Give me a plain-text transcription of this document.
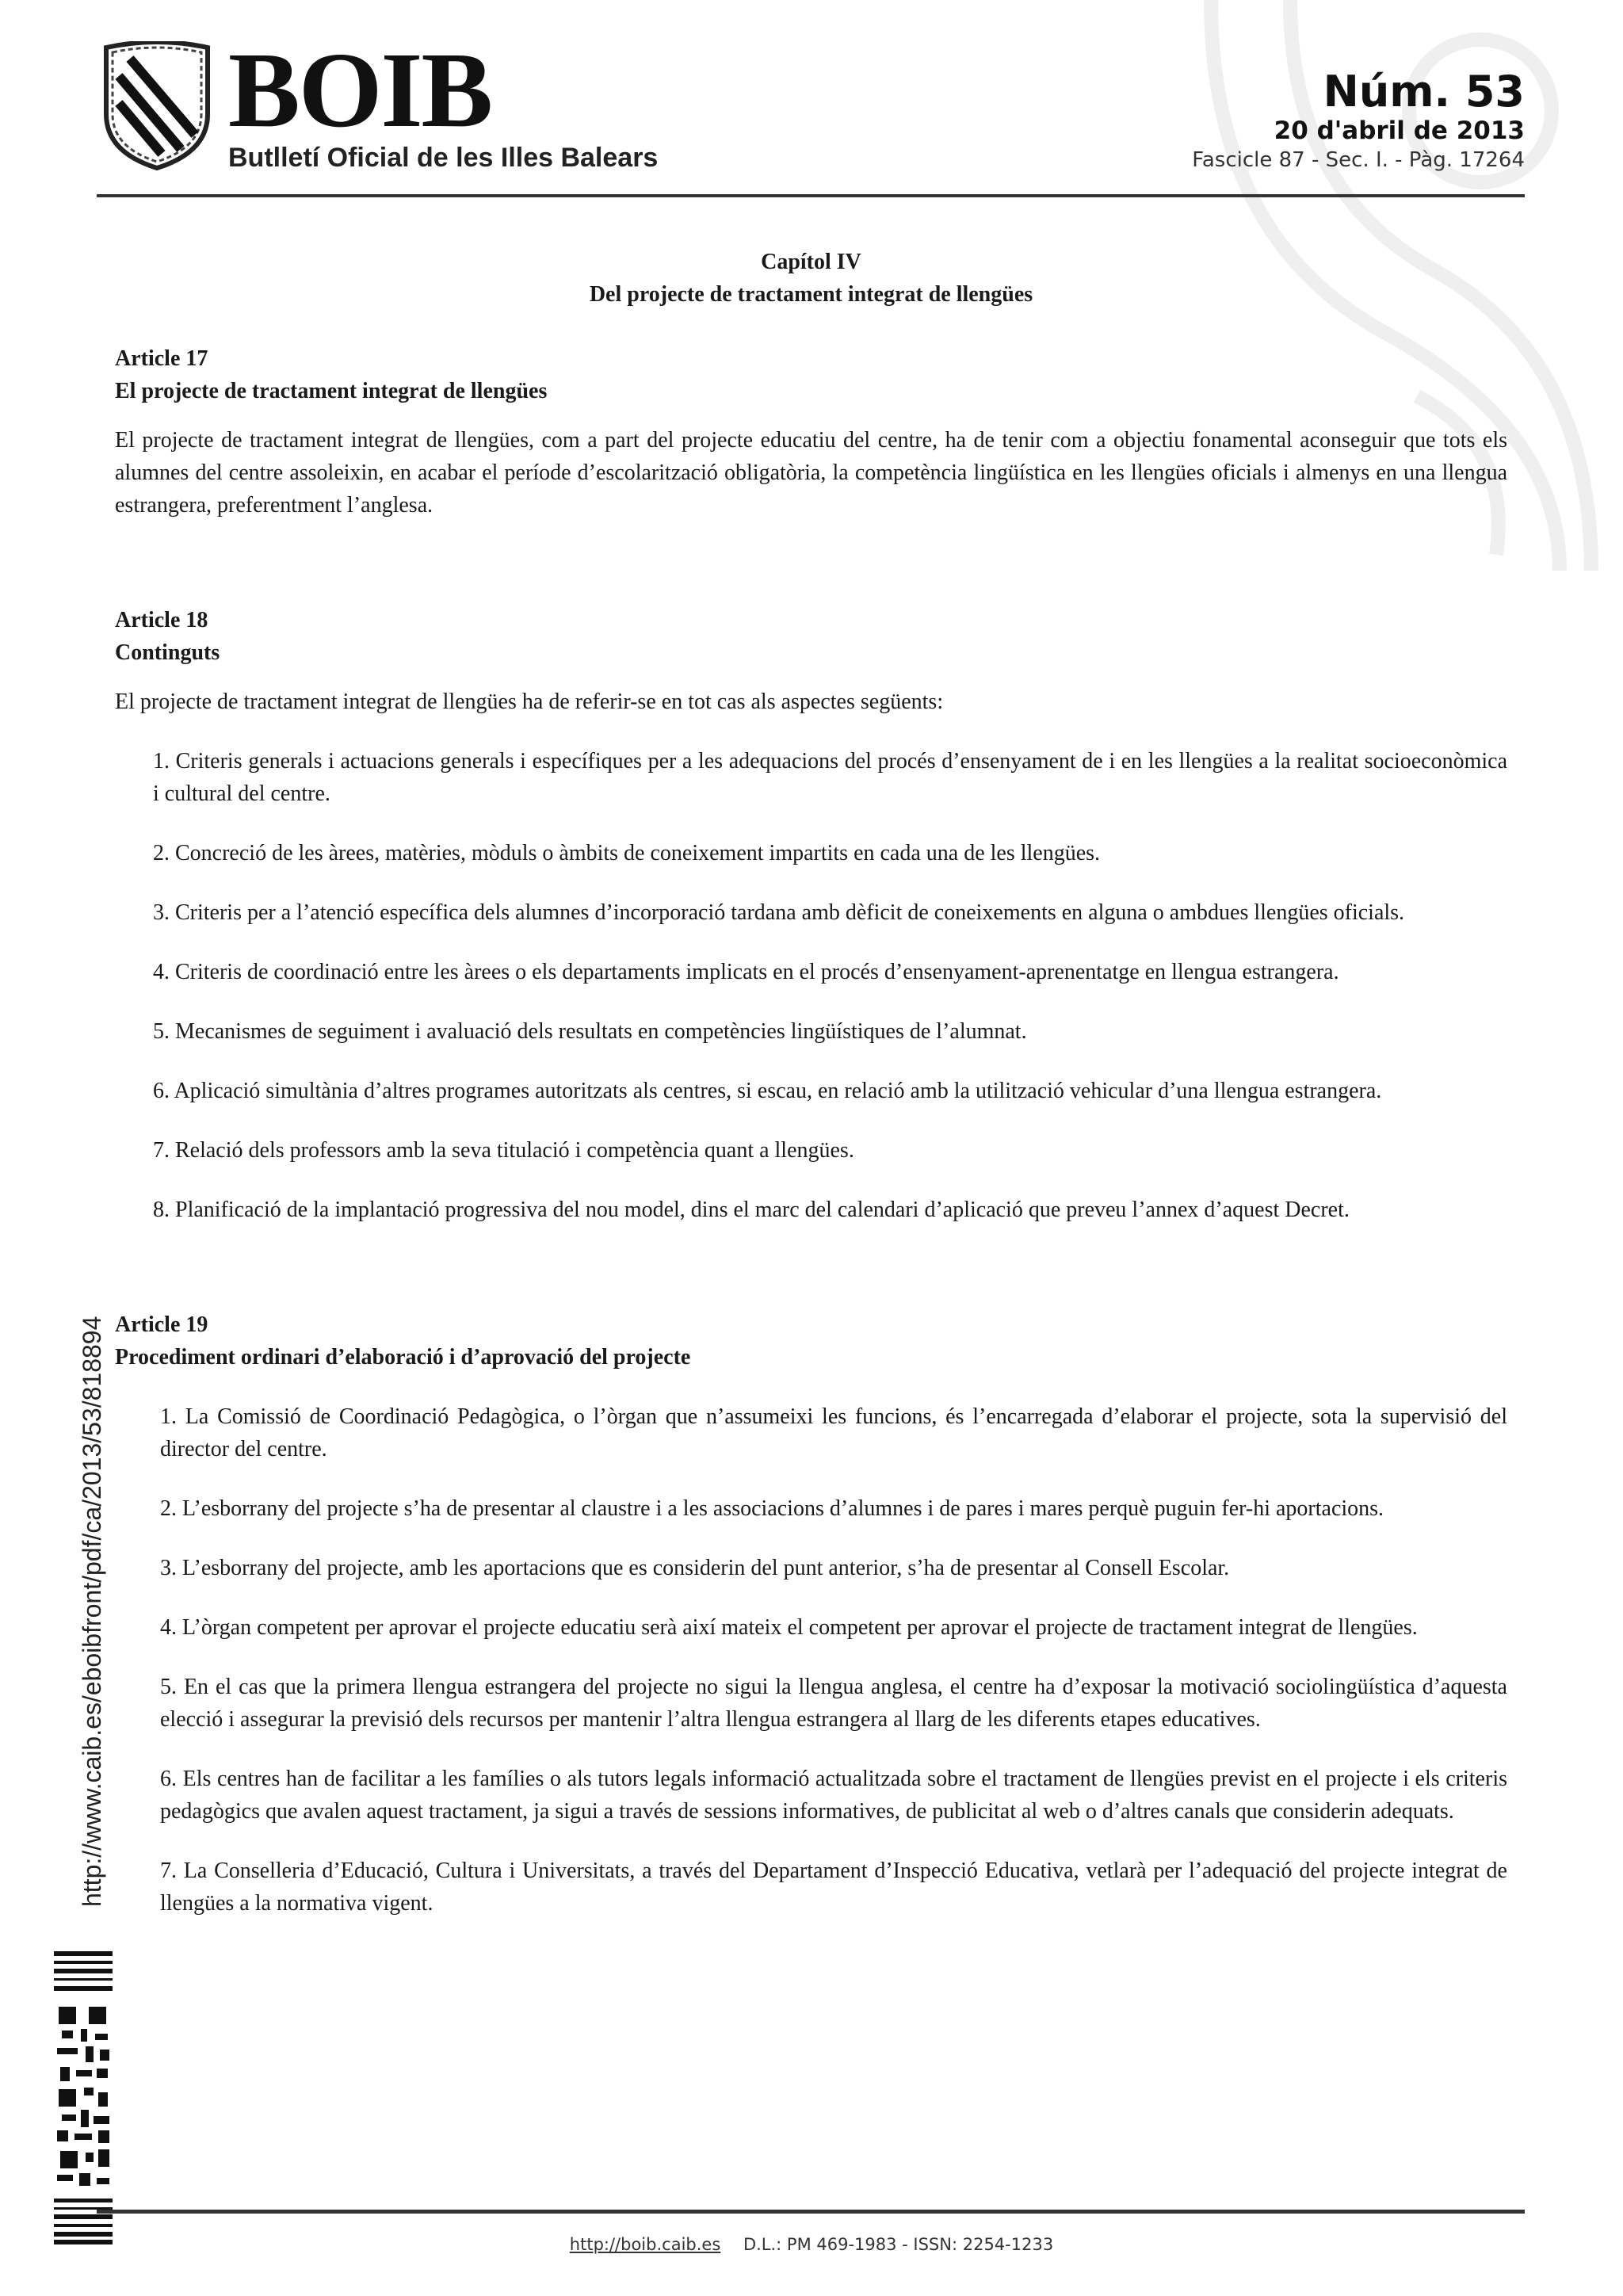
BOIB
Butlletí Oficial de les Illes Balears
Núm. 53
20 d'abril de 2013
Fascicle 87 - Sec. I. - Pàg. 17264
Capítol IV
Del projecte de tractament integrat de llengües
Article 17
El projecte de tractament integrat de llengües

El projecte de tractament integrat de llengües, com a part del projecte educatiu del centre, ha de tenir com a objectiu fonamental aconseguir que tots els alumnes del centre assoleixin, en acabar el període d’escolarització obligatòria, la competència lingüística en les llengües oficials i almenys en una llengua estrangera, preferentment l’anglesa.

Article 18
Continguts

El projecte de tractament integrat de llengües ha de referir-se en tot cas als aspectes següents:

1. Criteris generals i actuacions generals i específiques per a les adequacions del procés d’ensenyament de i en les llengües a la realitat socioeconòmica i cultural del centre.

2. Concreció de les àrees, matèries, mòduls o àmbits de coneixement impartits en cada una de les llengües.

3. Criteris per a l’atenció específica dels alumnes d’incorporació tardana amb dèficit de coneixements en alguna o ambdues llengües oficials.

4. Criteris de coordinació entre les àrees o els departaments implicats en el procés d’ensenyament-aprenentatge en llengua estrangera.

5. Mecanismes de seguiment i avaluació dels resultats en competències lingüístiques de l’alumnat.

6. Aplicació simultània d’altres programes autoritzats als centres, si escau, en relació amb la utilització vehicular d’una llengua estrangera.

7. Relació dels professors amb la seva titulació i competència quant a llengües.

8. Planificació de la implantació progressiva del nou model, dins el marc del calendari d’aplicació que preveu l’annex d’aquest Decret.

Article 19
Procediment ordinari d’elaboració i d’aprovació del projecte

1. La Comissió de Coordinació Pedagògica, o l’òrgan que n’assumeixi les funcions, és l’encarregada d’elaborar el projecte, sota la supervisió del director del centre.

2. L’esborrany del projecte s’ha de presentar al claustre i a les associacions d’alumnes i de pares i mares perquè puguin fer-hi aportacions.

3. L’esborrany del projecte, amb les aportacions que es considerin del punt anterior, s’ha de presentar al Consell Escolar.

4. L’òrgan competent per aprovar el projecte educatiu serà així mateix el competent per aprovar el projecte de tractament integrat de llengües.

5. En el cas que la primera llengua estrangera del projecte no sigui la llengua anglesa, el centre ha d’exposar la motivació sociolingüística d’aquesta elecció i assegurar la previsió dels recursos per mantenir l’altra llengua estrangera al llarg de les diferents etapes educatives.

6. Els centres han de facilitar a les famílies o als tutors legals informació actualitzada sobre el tractament de llengües previst en el projecte i els criteris pedagògics que avalen aquest tractament, ja sigui a través de sessions informatives, de publicitat al web o d’altres canals que considerin adequats.

7. La Conselleria d’Educació, Cultura i Universitats, a través del Departament d’Inspecció Educativa, vetlarà per l’adequació del projecte integrat de llengües a la normativa vigent.

http://www.caib.es/eboibfront/pdf/ca/2013/53/818894
http://boib.caib.es D.L.: PM 469-1983 - ISSN: 2254-1233
